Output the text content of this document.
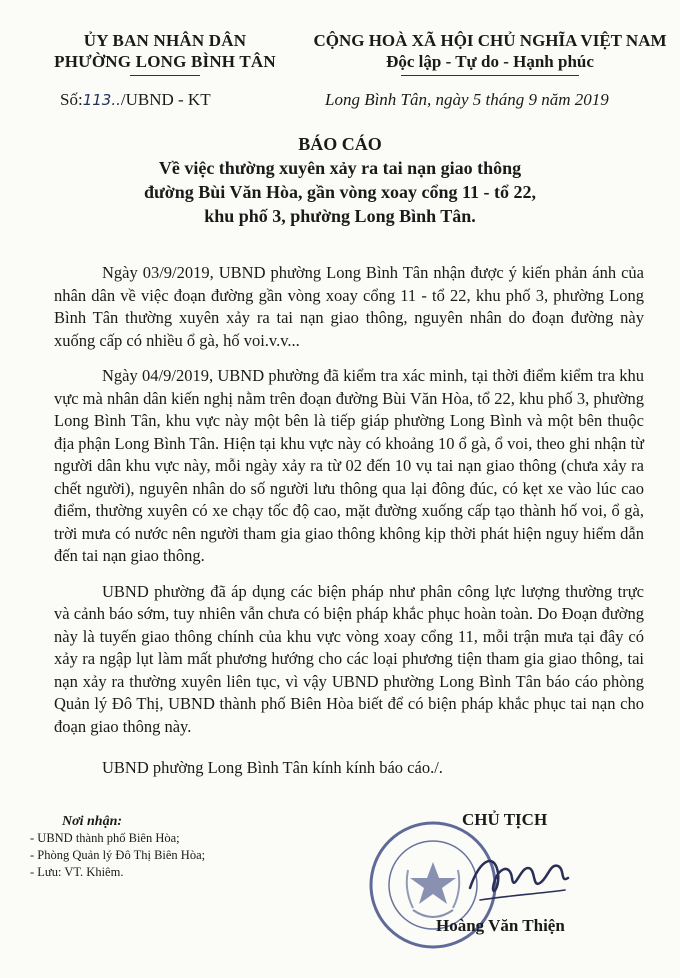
ỦY BAN NHÂN DÂN
PHƯỜNG LONG BÌNH TÂN
CỘNG HOÀ XÃ HỘI CHỦ NGHĨA VIỆT NAM
Độc lập - Tự do - Hạnh phúc
Số:113../UBND - KT	Long Bình Tân, ngày 5 tháng 9 năm 2019
BÁO CÁO
Về việc thường xuyên xảy ra tai nạn giao thông
đường Bùi Văn Hòa, gần vòng xoay cổng 11 - tổ 22,
khu phố 3, phường Long Bình Tân.

Ngày 03/9/2019, UBND phường Long Bình Tân nhận được ý kiến phản ánh của nhân dân về việc đoạn đường gần vòng xoay cổng 11 - tổ 22, khu phố 3, phường Long Bình Tân thường xuyên xảy ra tai nạn giao thông, nguyên nhân do đoạn đường này xuống cấp có nhiều ổ gà, hố voi.v.v...

Ngày 04/9/2019, UBND phường đã kiểm tra xác minh, tại thời điểm kiểm tra khu vực mà nhân dân kiến nghị nằm trên đoạn đường Bùi Văn Hòa, tổ 22, khu phố 3, phường Long Bình Tân, khu vực này một bên là tiếp giáp phường Long Bình và một bên thuộc địa phận Long Bình Tân. Hiện tại khu vực này có khoảng 10 ổ gà, ổ voi, theo ghi nhận từ người dân khu vực này, mỗi ngày xảy ra từ 02 đến 10 vụ tai nạn giao thông (chưa xảy ra chết người), nguyên nhân do số người lưu thông qua lại đông đúc, có kẹt xe vào lúc cao điểm, thường xuyên có xe chạy tốc độ cao, mặt đường xuống cấp tạo thành hố voi, ổ gà, trời mưa có nước nên người tham gia giao thông không kịp thời phát hiện nguy hiểm dẫn đến tai nạn giao thông.

UBND phường đã áp dụng các biện pháp như phân công lực lượng thường trực và cảnh báo sớm, tuy nhiên vẫn chưa có biện pháp khắc phục hoàn toàn. Do Đoạn đường này là tuyến giao thông chính của khu vực vòng xoay cổng 11, mỗi trận mưa tại đây có xảy ra ngập lụt làm mất phương hướng cho các loại phương tiện tham gia giao thông, tai nạn xảy ra thường xuyên liên tục, vì vậy UBND phường Long Bình Tân báo cáo phòng Quản lý Đô Thị, UBND thành phố Biên Hòa biết để có biện pháp khắc phục tai nạn cho đoạn giao thông này.

UBND phường Long Bình Tân kính kính báo cáo./.
Nơi nhận:
- UBND thành phố Biên Hòa;
- Phòng Quản lý Đô Thị Biên Hòa;
- Lưu: VT. Khiêm.
CHỦ TỊCH
Hoàng Văn Thiện
